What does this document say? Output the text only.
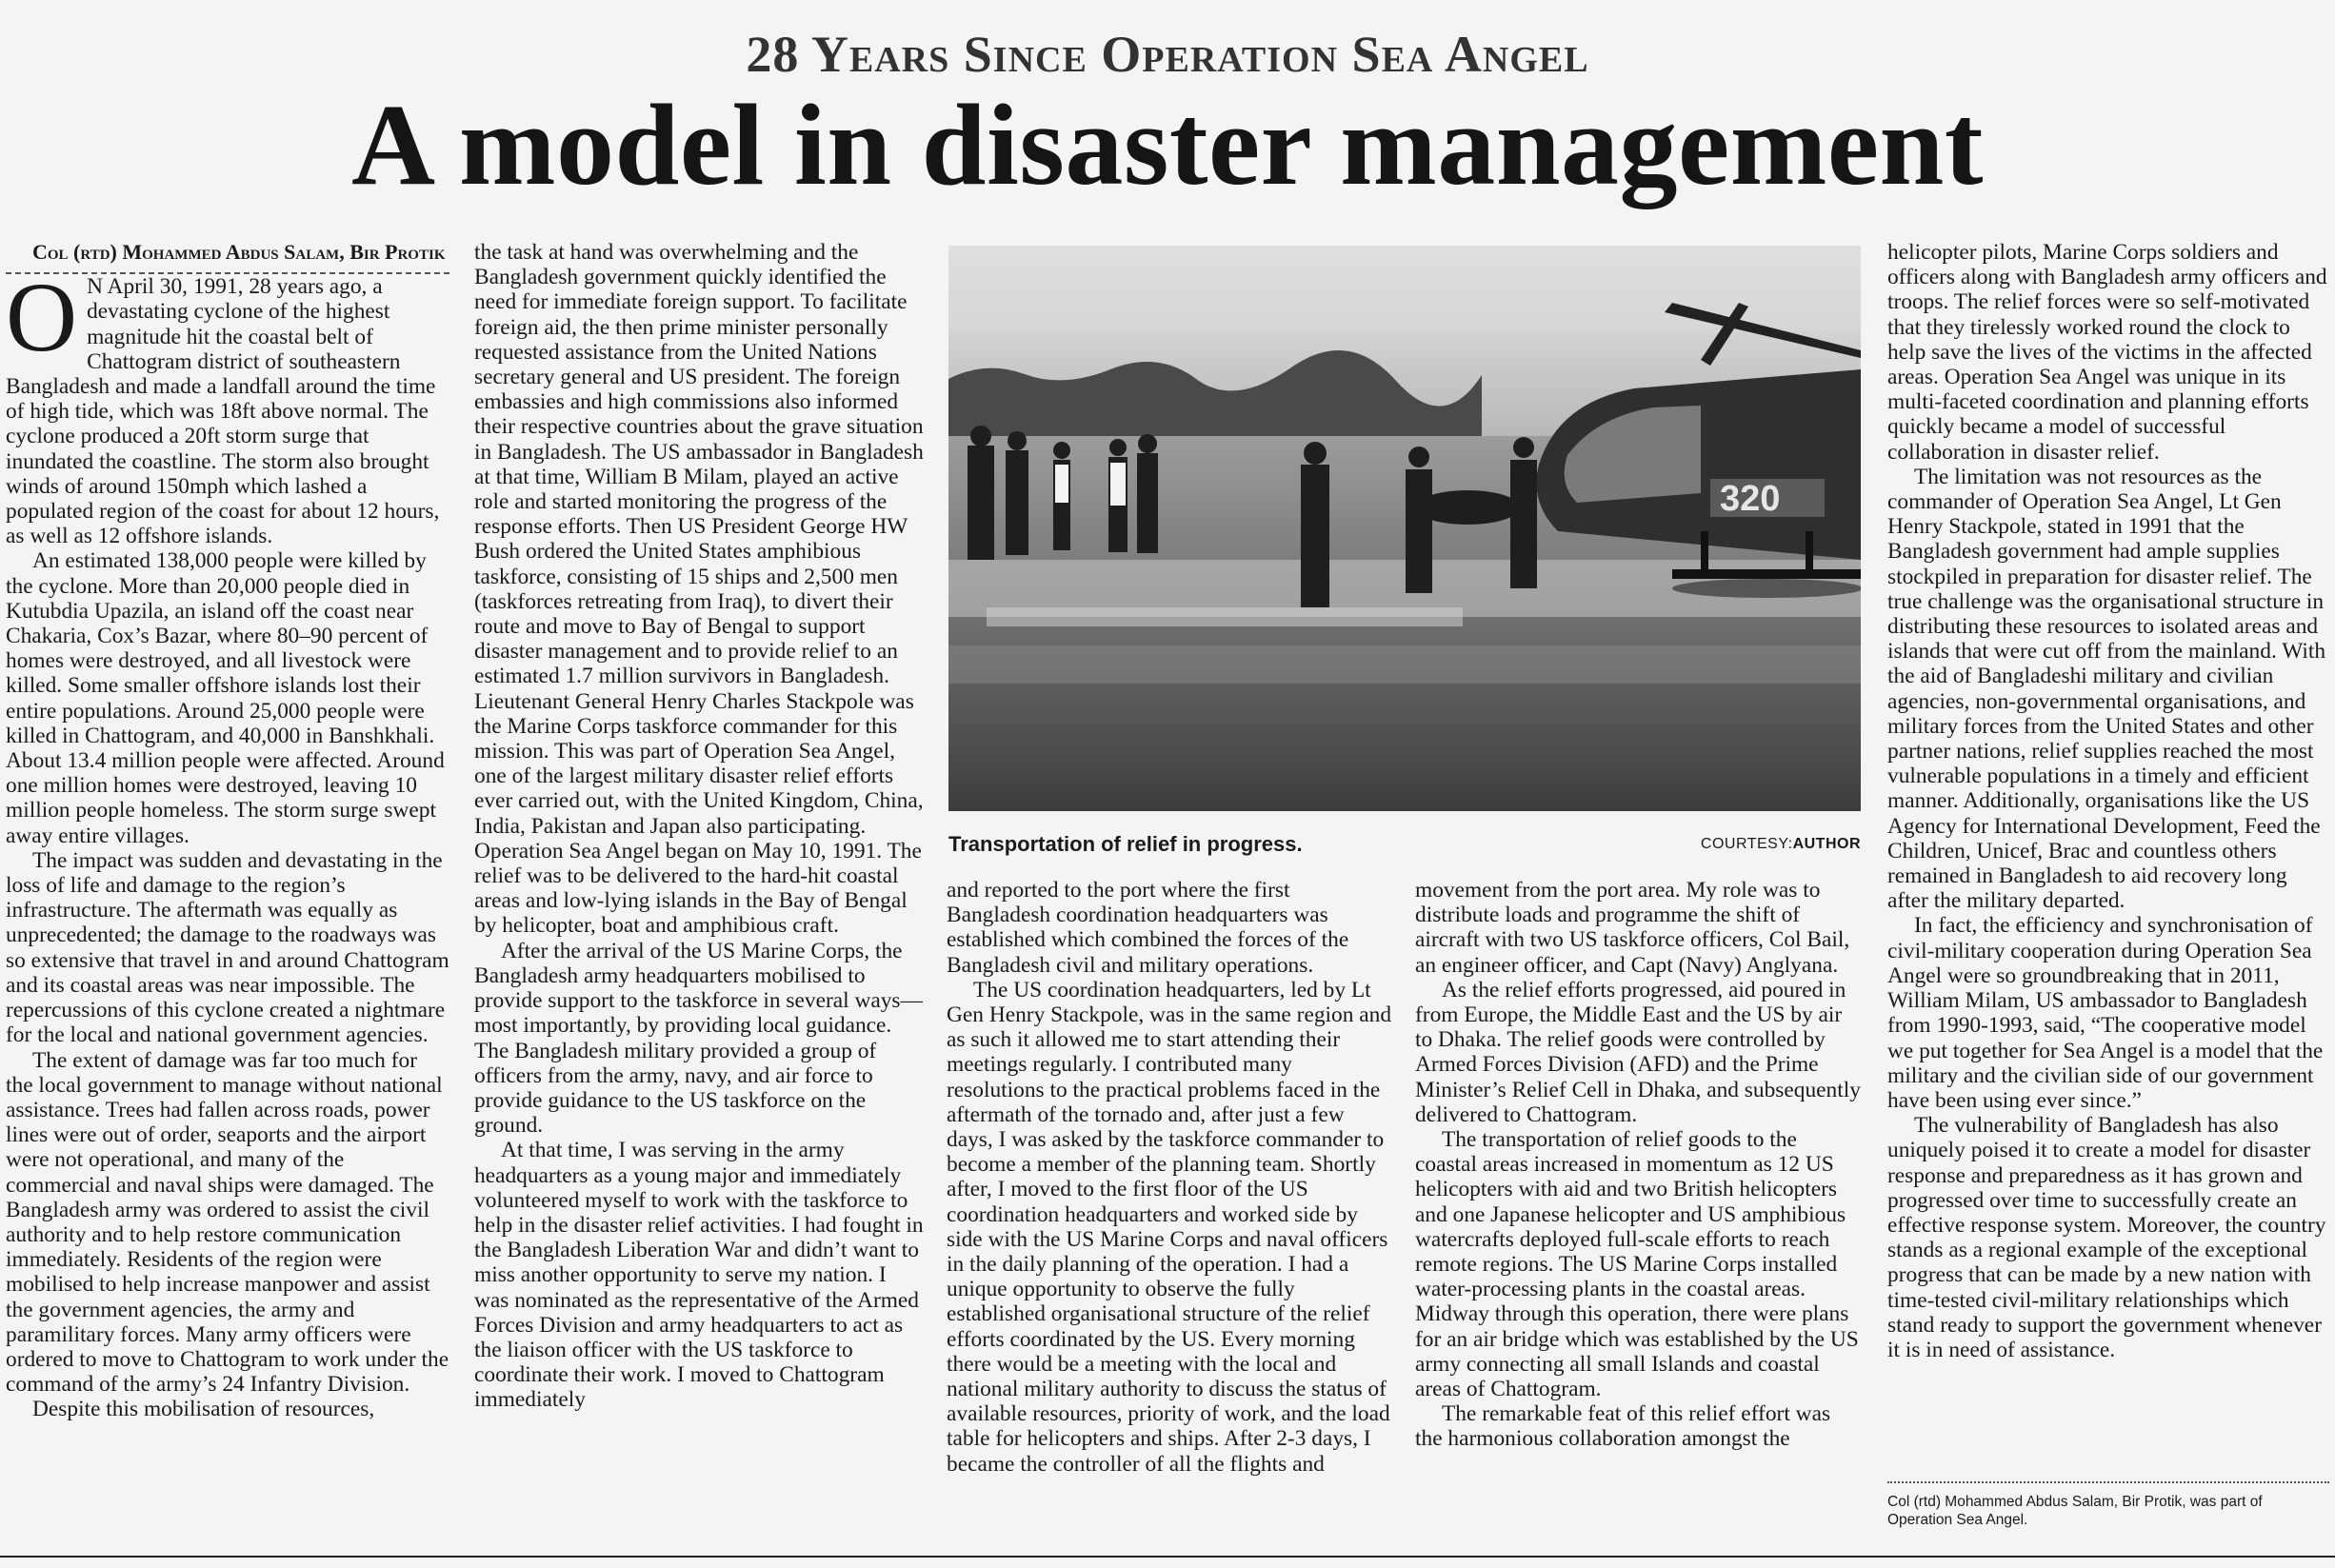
28 Years Since Operation Sea Angel
A model in disaster management

Col (rtd) Mohammed Abdus Salam, Bir Protik

O N April 30, 1991, 28 years ago, a devastating cyclone of the highest magnitude hit the coastal belt of Chattogram district of southeastern Bangladesh and made a landfall around the time of high tide, which was 18ft above normal. The cyclone produced a 20ft storm surge that inundated the coastline. The storm also brought winds of around 150mph which lashed a populated region of the coast for about 12 hours, as well as 12 offshore islands.

An estimated 138,000 people were killed by the cyclone. More than 20,000 people died in Kutubdia Upazila, an island off the coast near Chakaria, Cox’s Bazar, where 80–90 percent of homes were destroyed, and all livestock were killed. Some smaller offshore islands lost their entire populations. Around 25,000 people were killed in Chattogram, and 40,000 in Banshkhali. About 13.4 million people were affected. Around one million homes were destroyed, leaving 10 million people homeless. The storm surge swept away entire villages.

The impact was sudden and devastating in the loss of life and damage to the region’s infrastructure. The aftermath was equally as unprecedented; the damage to the roadways was so extensive that travel in and around Chattogram and its coastal areas was near impossible. The repercussions of this cyclone created a nightmare for the local and national government agencies.

The extent of damage was far too much for the local government to manage without national assistance. Trees had fallen across roads, power lines were out of order, seaports and the airport were not operational, and many of the commercial and naval ships were damaged. The Bangladesh army was ordered to assist the civil authority and to help restore communication immediately. Residents of the region were mobilised to help increase manpower and assist the government agencies, the army and paramilitary forces. Many army officers were ordered to move to Chattogram to work under the command of the army’s 24 Infantry Division.

Despite this mobilisation of resources,

the task at hand was overwhelming and the Bangladesh government quickly identified the need for immediate foreign support. To facilitate foreign aid, the then prime minister personally requested assistance from the United Nations secretary general and US president. The foreign embassies and high commissions also informed their respective countries about the grave situation in Bangladesh. The US ambassador in Bangladesh at that time, William B Milam, played an active role and started monitoring the progress of the response efforts. Then US President George HW Bush ordered the United States amphibious taskforce, consisting of 15 ships and 2,500 men (taskforces retreating from Iraq), to divert their route and move to Bay of Bengal to support disaster management and to provide relief to an estimated 1.7 million survivors in Bangladesh. Lieutenant General Henry Charles Stackpole was the Marine Corps taskforce commander for this mission. This was part of Operation Sea Angel, one of the largest military disaster relief efforts ever carried out, with the United Kingdom, China, India, Pakistan and Japan also participating. Operation Sea Angel began on May 10, 1991. The relief was to be delivered to the hard-hit coastal areas and low-lying islands in the Bay of Bengal by helicopter, boat and amphibious craft.

After the arrival of the US Marine Corps, the Bangladesh army headquarters mobilised to provide support to the taskforce in several ways—most importantly, by providing local guidance. The Bangladesh military provided a group of officers from the army, navy, and air force to provide guidance to the US taskforce on the ground.

At that time, I was serving in the army headquarters as a young major and immediately volunteered myself to work with the taskforce to help in the disaster relief activities. I had fought in the Bangladesh Liberation War and didn’t want to miss another opportunity to serve my nation. I was nominated as the representative of the Armed Forces Division and army headquarters to act as the liaison officer with the US taskforce to coordinate their work. I moved to Chattogram immediately

320
Transportation of relief in progress.	COURTESY:AUTHOR

and reported to the port where the first Bangladesh coordination headquarters was established which combined the forces of the Bangladesh civil and military operations.

The US coordination headquarters, led by Lt Gen Henry Stackpole, was in the same region and as such it allowed me to start attending their meetings regularly. I contributed many resolutions to the practical problems faced in the aftermath of the tornado and, after just a few days, I was asked by the taskforce commander to become a member of the planning team. Shortly after, I moved to the first floor of the US coordination headquarters and worked side by side with the US Marine Corps and naval officers in the daily planning of the operation. I had a unique opportunity to observe the fully established organisational structure of the relief efforts coordinated by the US. Every morning there would be a meeting with the local and national military authority to discuss the status of available resources, priority of work, and the load table for helicopters and ships. After 2-3 days, I became the controller of all the flights and

movement from the port area. My role was to distribute loads and programme the shift of aircraft with two US taskforce officers, Col Bail, an engineer officer, and Capt (Navy) Anglyana.

As the relief efforts progressed, aid poured in from Europe, the Middle East and the US by air to Dhaka. The relief goods were controlled by Armed Forces Division (AFD) and the Prime Minister’s Relief Cell in Dhaka, and subsequently delivered to Chattogram.

The transportation of relief goods to the coastal areas increased in momentum as 12 US helicopters with aid and two British helicopters and one Japanese helicopter and US amphibious watercrafts deployed full-scale efforts to reach remote regions. The US Marine Corps installed water-processing plants in the coastal areas. Midway through this operation, there were plans for an air bridge which was established by the US army connecting all small Islands and coastal areas of Chattogram.

The remarkable feat of this relief effort was the harmonious collaboration amongst the

helicopter pilots, Marine Corps soldiers and officers along with Bangladesh army officers and troops. The relief forces were so self-motivated that they tirelessly worked round the clock to help save the lives of the victims in the affected areas. Operation Sea Angel was unique in its multi-faceted coordination and planning efforts quickly became a model of successful collaboration in disaster relief.

The limitation was not resources as the commander of Operation Sea Angel, Lt Gen Henry Stackpole, stated in 1991 that the Bangladesh government had ample supplies stockpiled in preparation for disaster relief. The true challenge was the organisational structure in distributing these resources to isolated areas and islands that were cut off from the mainland. With the aid of Bangladeshi military and civilian agencies, non-governmental organisations, and military forces from the United States and other partner nations, relief supplies reached the most vulnerable populations in a timely and efficient manner. Additionally, organisations like the US Agency for International Development, Feed the Children, Unicef, Brac and countless others remained in Bangladesh to aid recovery long after the military departed.

In fact, the efficiency and synchronisation of civil-military cooperation during Operation Sea Angel were so groundbreaking that in 2011, William Milam, US ambassador to Bangladesh from 1990-1993, said, “The cooperative model we put together for Sea Angel is a model that the military and the civilian side of our government have been using ever since.”

The vulnerability of Bangladesh has also uniquely poised it to create a model for disaster response and preparedness as it has grown and progressed over time to successfully create an effective response system. Moreover, the country stands as a regional example of the exceptional progress that can be made by a new nation with time-tested civil-military relationships which stand ready to support the government whenever it is in need of assistance.

Col (rtd) Mohammed Abdus Salam, Bir Protik, was part of Operation Sea Angel.
